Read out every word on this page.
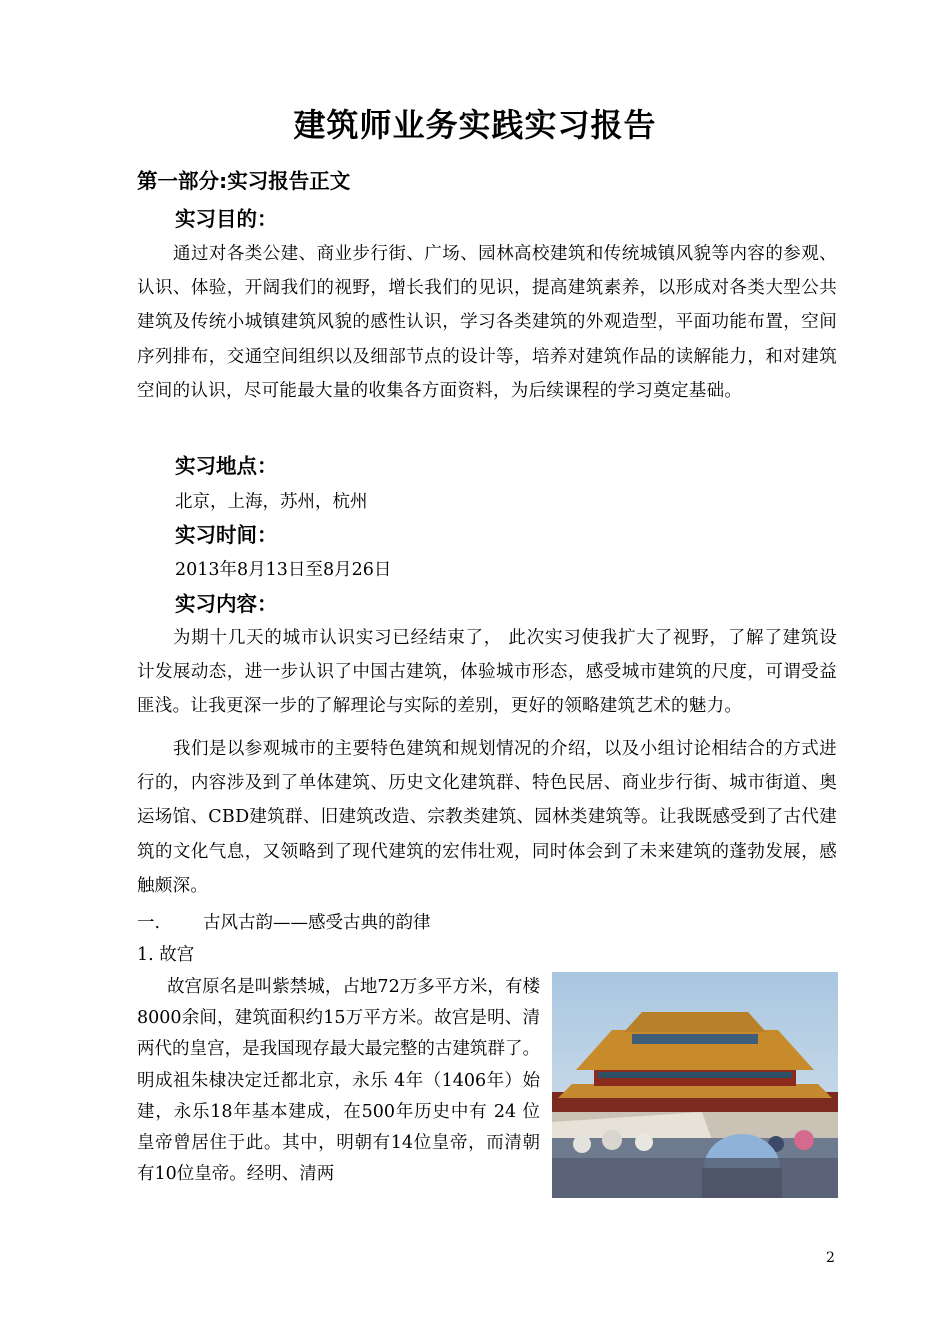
建筑师业务实践实习报告
第一部分:实习报告正文
实习目的：

通过对各类公建、商业步行街、广场、园林高校建筑和传统城镇风貌等内容的参观、认识、体验，开阔我们的视野，增长我们的见识，提高建筑素养，以形成对各类大型公共建筑及传统小城镇建筑风貌的感性认识，学习各类建筑的外观造型，平面功能布置，空间序列排布，交通空间组织以及细部节点的设计等，培养对建筑作品的读解能力，和对建筑空间的认识，尽可能最大量的收集各方面资料，为后续课程的学习奠定基础。

实习地点：

北京，上海，苏州，杭州

实习时间：

2013年8月13日至8月26日

实习内容：

为期十几天的城市认识实习已经结束了， 此次实习使我扩大了视野，了解了建筑设计发展动态，进一步认识了中国古建筑，体验城市形态，感受城市建筑的尺度，可谓受益匪浅。让我更深一步的了解理论与实际的差别，更好的领略建筑艺术的魅力。

我们是以参观城市的主要特色建筑和规划情况的介绍，以及小组讨论相结合的方式进行的，内容涉及到了单体建筑、历史文化建筑群、特色民居、商业步行街、城市街道、奥运场馆、CBD建筑群、旧建筑改造、宗教类建筑、园林类建筑等。让我既感受到了古代建筑的文化气息，又领略到了现代建筑的宏伟壮观，同时体会到了未来建筑的蓬勃发展，感触颇深。

一. 古风古韵——感受古典的韵律

1. 故宫

故宫原名是叫紫禁城，占地72万多平方米，有楼8000余间，建筑面积约15万平方米。故宫是明、清两代的皇宫，是我国现存最大最完整的古建筑群了。明成祖朱棣决定迁都北京，永乐 4年（1406年）始建，永乐18年基本建成，在500年历史中有 24 位皇帝曾居住于此。其中，明朝有14位皇帝，而清朝有10位皇帝。经明、清两

2
